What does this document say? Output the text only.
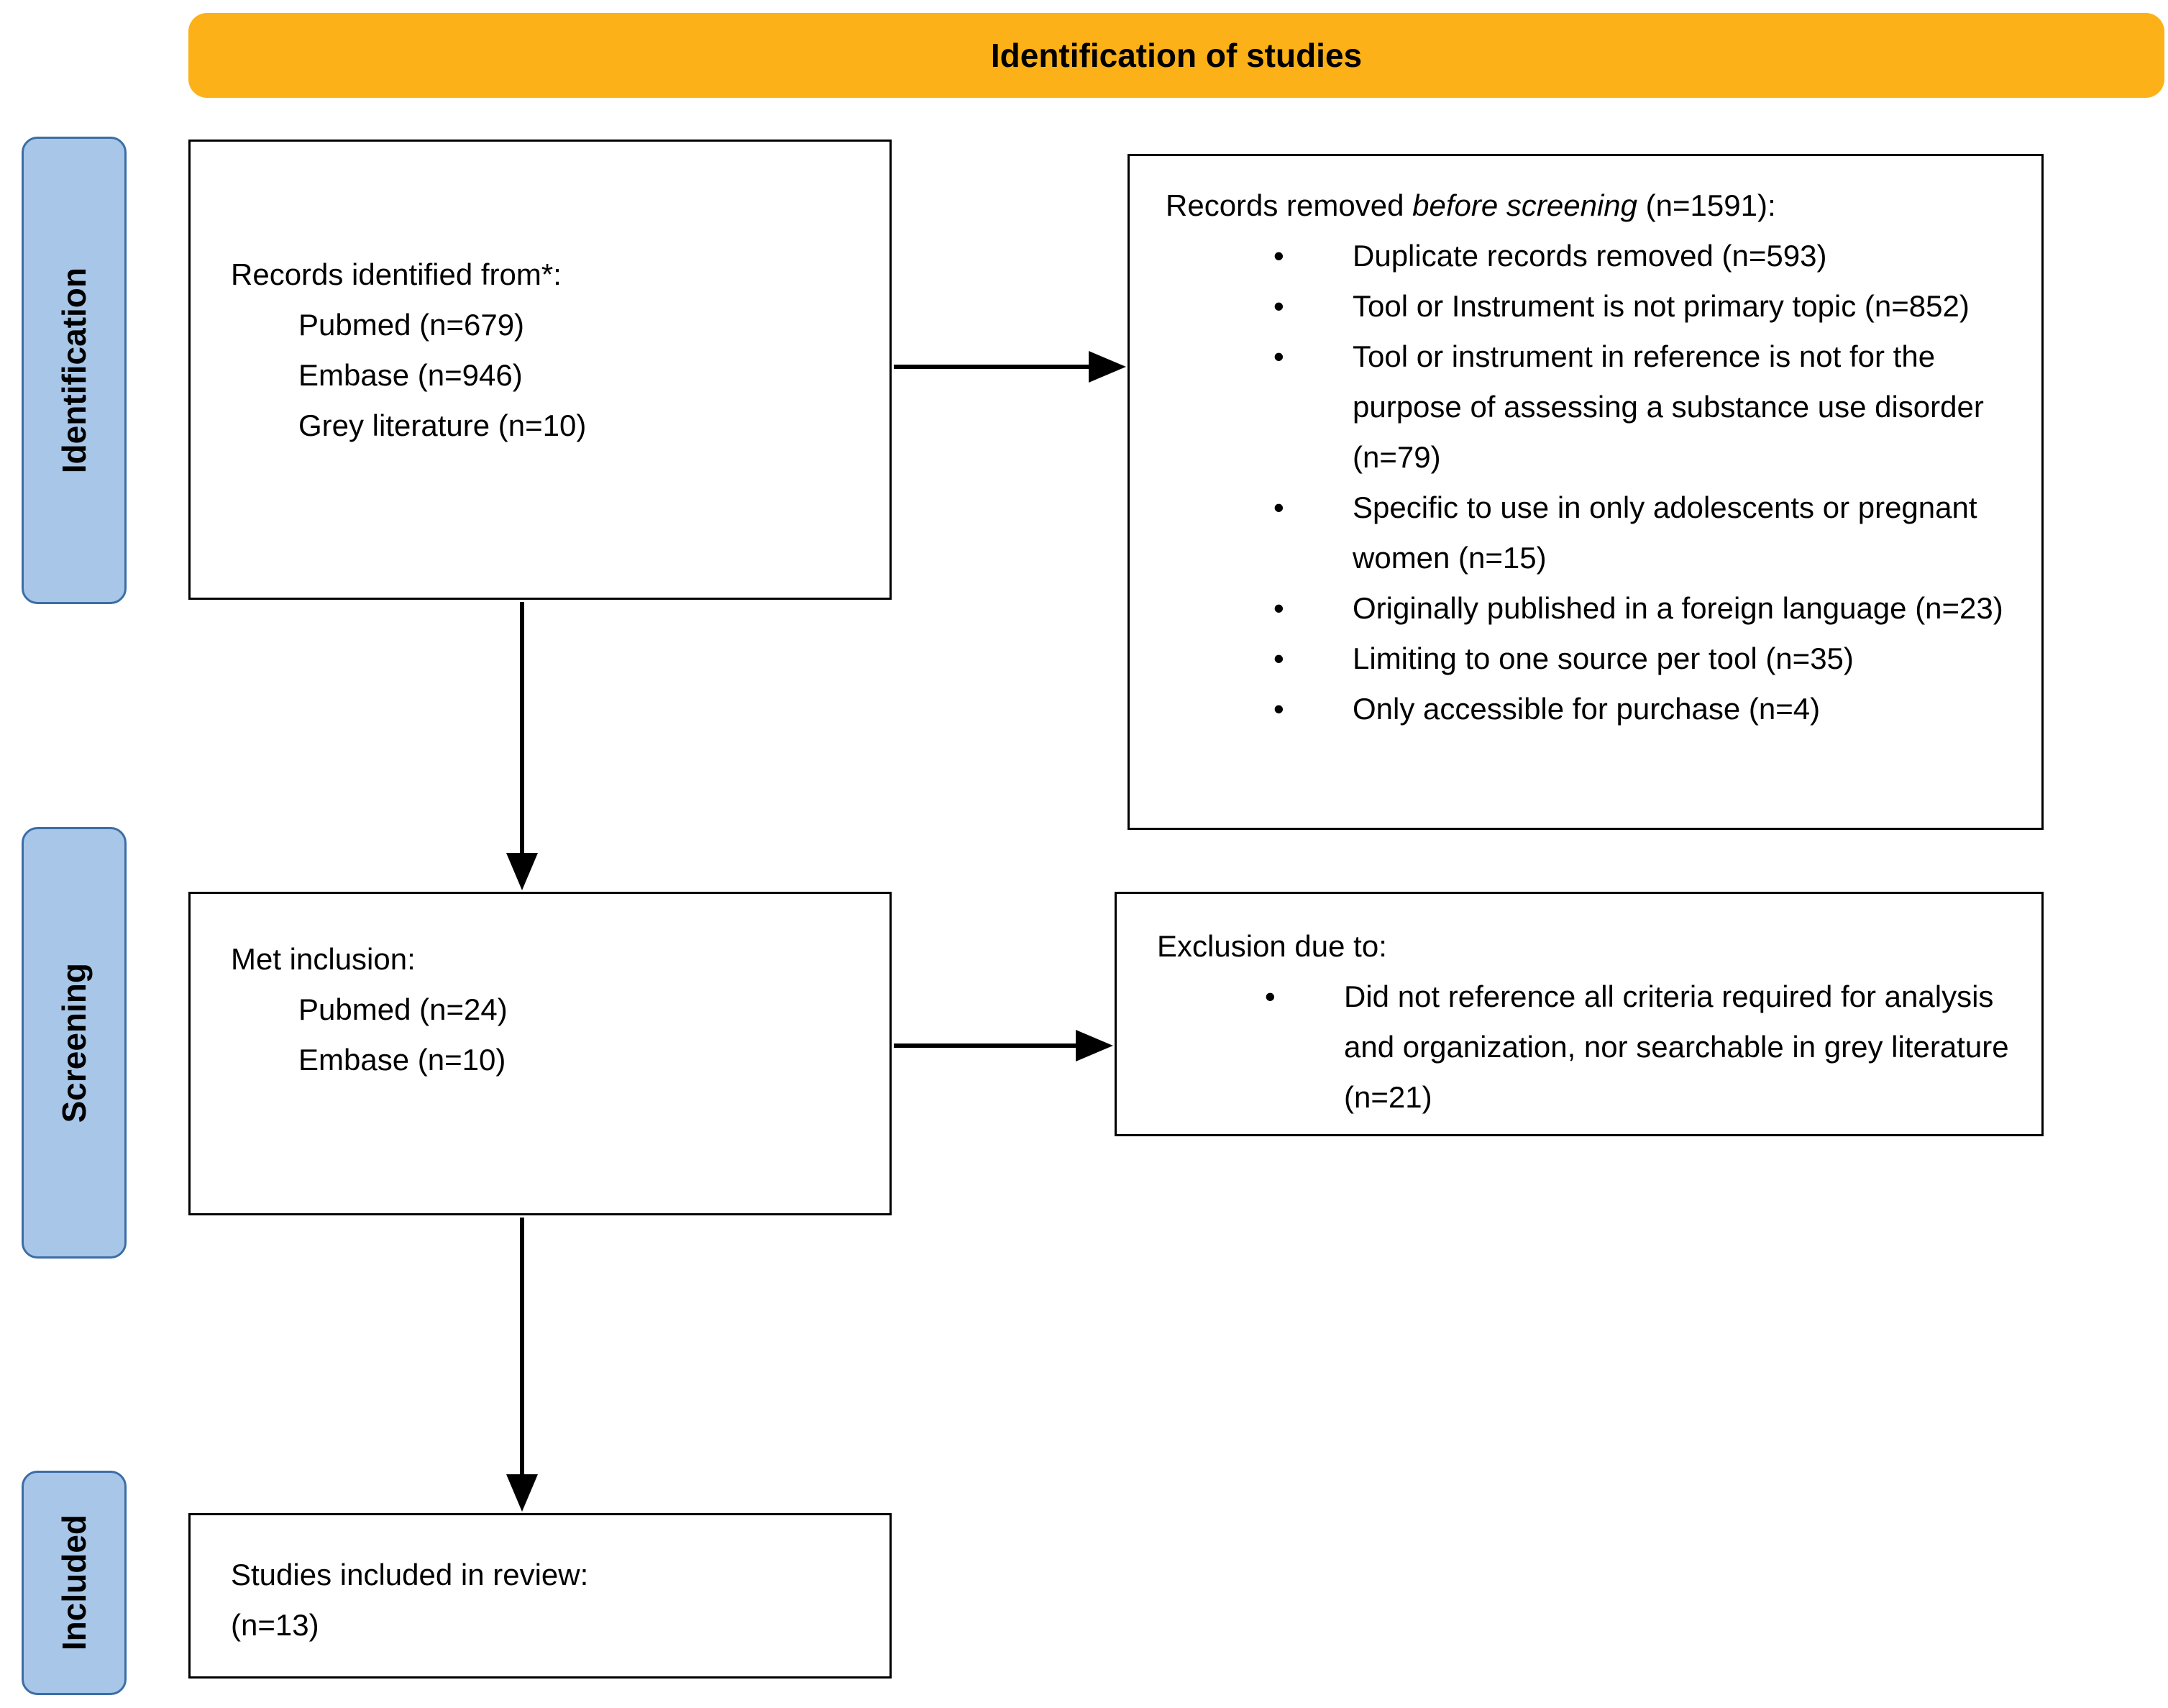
Identification of studies
Identification
Screening
Included
Records identified from*:
Pubmed (n=679)
Embase (n=946)
Grey literature (n=10)
Records removed before screening (n=1591):
• Duplicate records removed (n=593)
• Tool or Instrument is not primary topic (n=852)
• Tool or instrument in reference is not for the purpose of assessing a substance use disorder (n=79)
• Specific to use in only adolescents or pregnant women (n=15)
• Originally published in a foreign language (n=23)
• Limiting to one source per tool (n=35)
• Only accessible for purchase (n=4)
Met inclusion:
Pubmed (n=24)
Embase (n=10)
Exclusion due to:
• Did not reference all criteria required for analysis and organization, nor searchable in grey literature (n=21)
Studies included in review:
(n=13)
